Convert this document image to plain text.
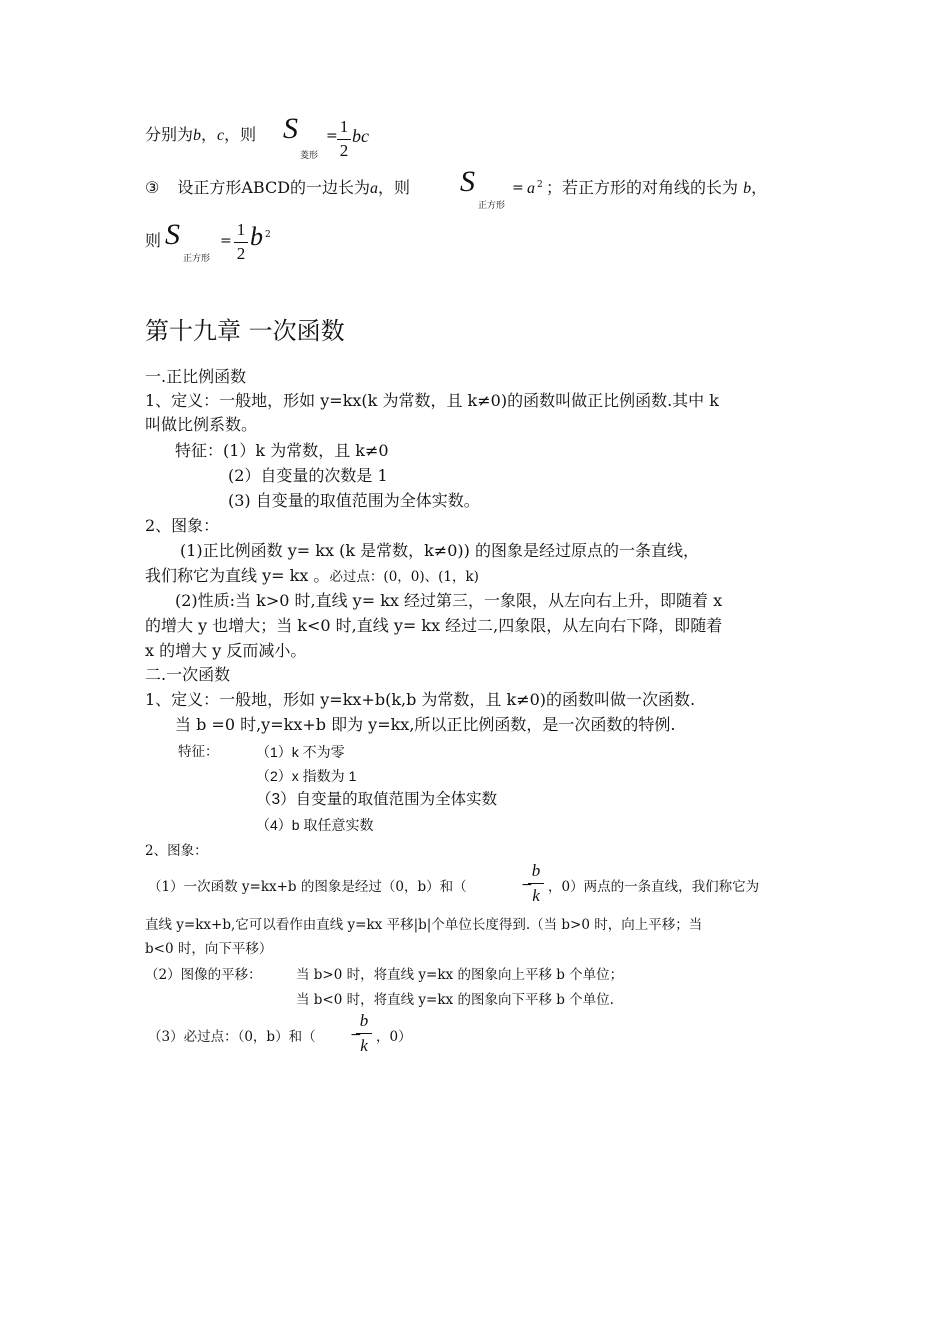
分别为b，c，则 S
菱形
= 1
2
bc
③ 设正方形ABCD的一边长为a，则 S
正方形
= a 2 ；若正方形的对角线的长为 b，
则 S
正方形
=
1
2
b 2
第十九章 一次函数
一.正比例函数
1、定义：一般地，形如 y=kx(k 为常数，且 k≠0)的函数叫做正比例函数.其中 k
叫做比例系数。
特征：(1）k 为常数，且 k≠0
(2）自变量的次数是 1
(3) 自变量的取值范围为全体实数。
2、图象：
(1)正比例函数 y= kx (k 是常数，k≠0)) 的图象是经过原点的一条直线，
我们称它为直线 y= kx 。必过点：(0，0)、(1，k)
(2)性质:当 k>0 时,直线 y= kx 经过第三，一象限，从左向右上升，即随着 x
的增大 y 也增大；当 k<0 时,直线 y= kx 经过二,四象限，从左向右下降，即随着
x 的增大 y 反而减小。
二.一次函数
1、定义：一般地，形如 y=kx+b(k,b 为常数，且 k≠0)的函数叫做一次函数.
当 b =0 时,y=kx+b 即为 y=kx,所以正比例函数，是一次函数的特例.
特征：	（1）k 不为零
（2）x 指数为 1
（3）自变量的取值范围为全体实数
（4）b 取任意实数
2、图象：
（1）一次函数 y=kx+b 的图象是经过（0，b）和（	−
b
k ，0）两点的一条直线，我们称它为
直线 y=kx+b,它可以看作由直线 y=kx 平移|b|个单位长度得到.（当 b>0 时，向上平移；当
b<0 时，向下平移）
（2）图像的平移：	当 b>0 时，将直线 y=kx 的图象向上平移 b 个单位；
当 b<0 时，将直线 y=kx 的图象向下平移 b 个单位.
（3）必过点：（0，b）和（ −
b
k ，0）
